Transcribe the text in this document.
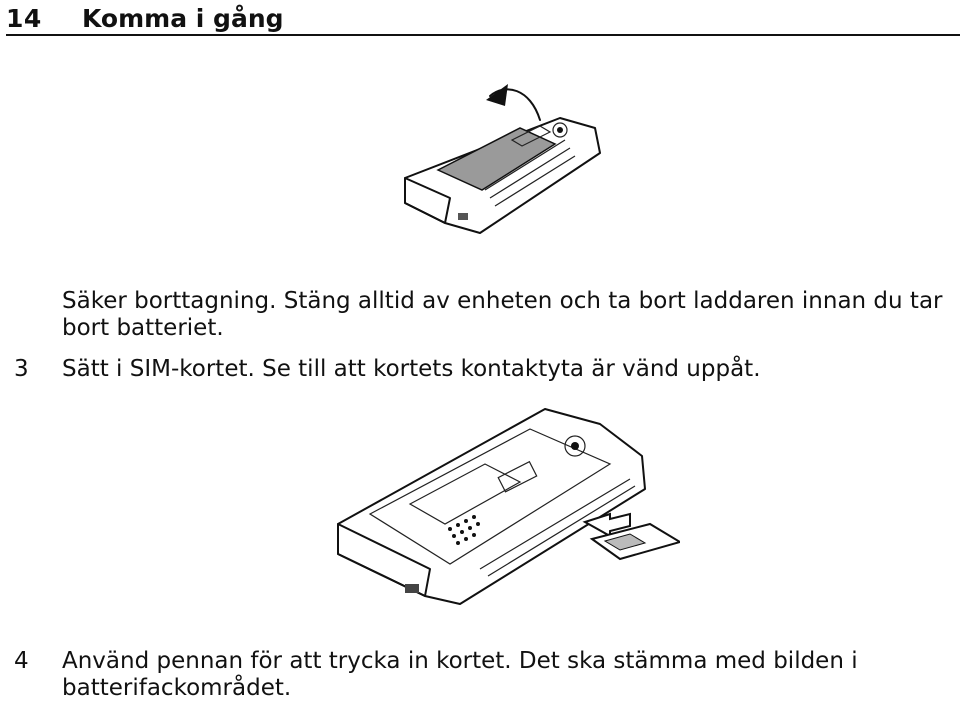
14 Komma i gång
Säker borttagning. Stäng alltid av enheten och ta bort laddaren innan du tar
bort batteriet.
3 Sätt i SIM-kortet. Se till att kortets kontaktyta är vänd uppåt.
4 Använd pennan för att trycka in kortet. Det ska stämma med bilden i
batterifackområdet.
